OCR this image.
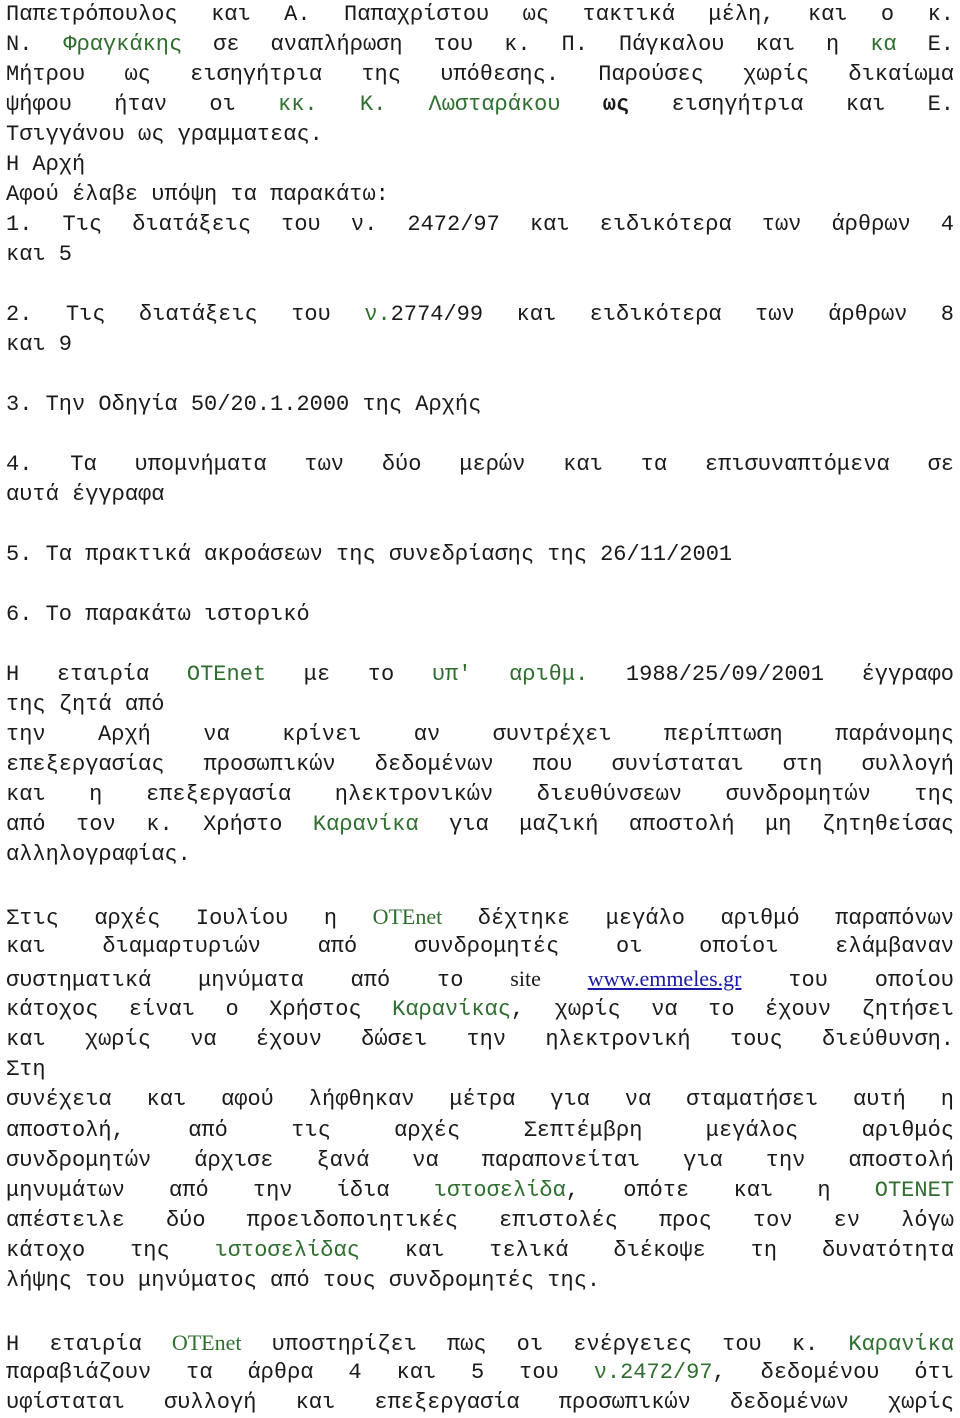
Παπετρόπουλος και Α. Παπαχρίστου ως τακτικά μέλη, και ο κ.
Ν. Φραγκάκης σε αναπλήρωση του κ. Π. Πάγκαλου και η κα Ε.
Μήτρου ως εισηγήτρια της υπόθεσης. Παρούσες χωρίς δικαίωμα
ψήφου ήταν οι κκ. Κ. Λωσταράκου ως εισηγήτρια και Ε.
Τσιγγάνου ως γραμματεας.
Η Αρχή
Αφού έλαβε υπόψη τα παρακάτω:
1. Τις διατάξεις του ν. 2472/97 και ειδικότερα των άρθρων 4
και 5
2. Τις διατάξεις του ν.2774/99 και ειδικότερα των άρθρων 8
και 9
3. Την Οδηγία 50/20.1.2000 της Αρχής
4. Τα υπομνήματα των δύο μερών και τα επισυναπτόμενα σε
αυτά έγγραφα
5. Τα πρακτικά ακροάσεων της συνεδρίασης της 26/11/2001
6. Το παρακάτω ιστορικό
Η εταιρία OTEnet με το υπ' αριθμ. 1988/25/09/2001 έγγραφο
της ζητά από
την Αρχή να κρίνει αν συντρέχει περίπτωση παράνομης
επεξεργασίας προσωπικών δεδομένων που συνίσταται στη συλλογή
και η επεξεργασία ηλεκτρονικών διευθύνσεων συνδρομητών της
από τον κ. Χρήστο Καρανίκα για μαζική αποστολή μη ζητηθείσας
αλληλογραφίας.
Στις αρχές Ιουλίου η OTEnet δέχτηκε μεγάλο αριθμό παραπόνων
και διαμαρτυριών από συνδρομητές οι οποίοι ελάμβαναν
συστηματικά μηνύματα από το site www.emmeles.gr του οποίου
κάτοχος είναι ο Χρήστος Καρανίκας, χωρίς να το έχουν ζητήσει
και χωρίς να έχουν δώσει την ηλεκτρονική τους διεύθυνση.
Στη
συνέχεια και αφού λήφθηκαν μέτρα για να σταματήσει αυτή η
αποστολή, από τις αρχές Σεπτέμβρη μεγάλος αριθμός
συνδρομητών άρχισε ξανά να παραπονείται για την αποστολή
μηνυμάτων από την ίδια ιστοσελίδα, οπότε και η OTENET
απέστειλε δύο προειδοποιητικές επιστολές προς τον εν λόγω
κάτοχο της ιστοσελίδας και τελικά διέκοψε τη δυνατότητα
λήψης του μηνύματος από τους συνδρομητές της.
Η εταιρία OTEnet υποστηρίζει πως οι ενέργειες του κ. Καρανίκα
παραβιάζουν τα άρθρα 4 και 5 του ν.2472/97, δεδομένου ότι
υφίσταται συλλογή και επεξεργασία προσωπικών δεδομένων χωρίς
